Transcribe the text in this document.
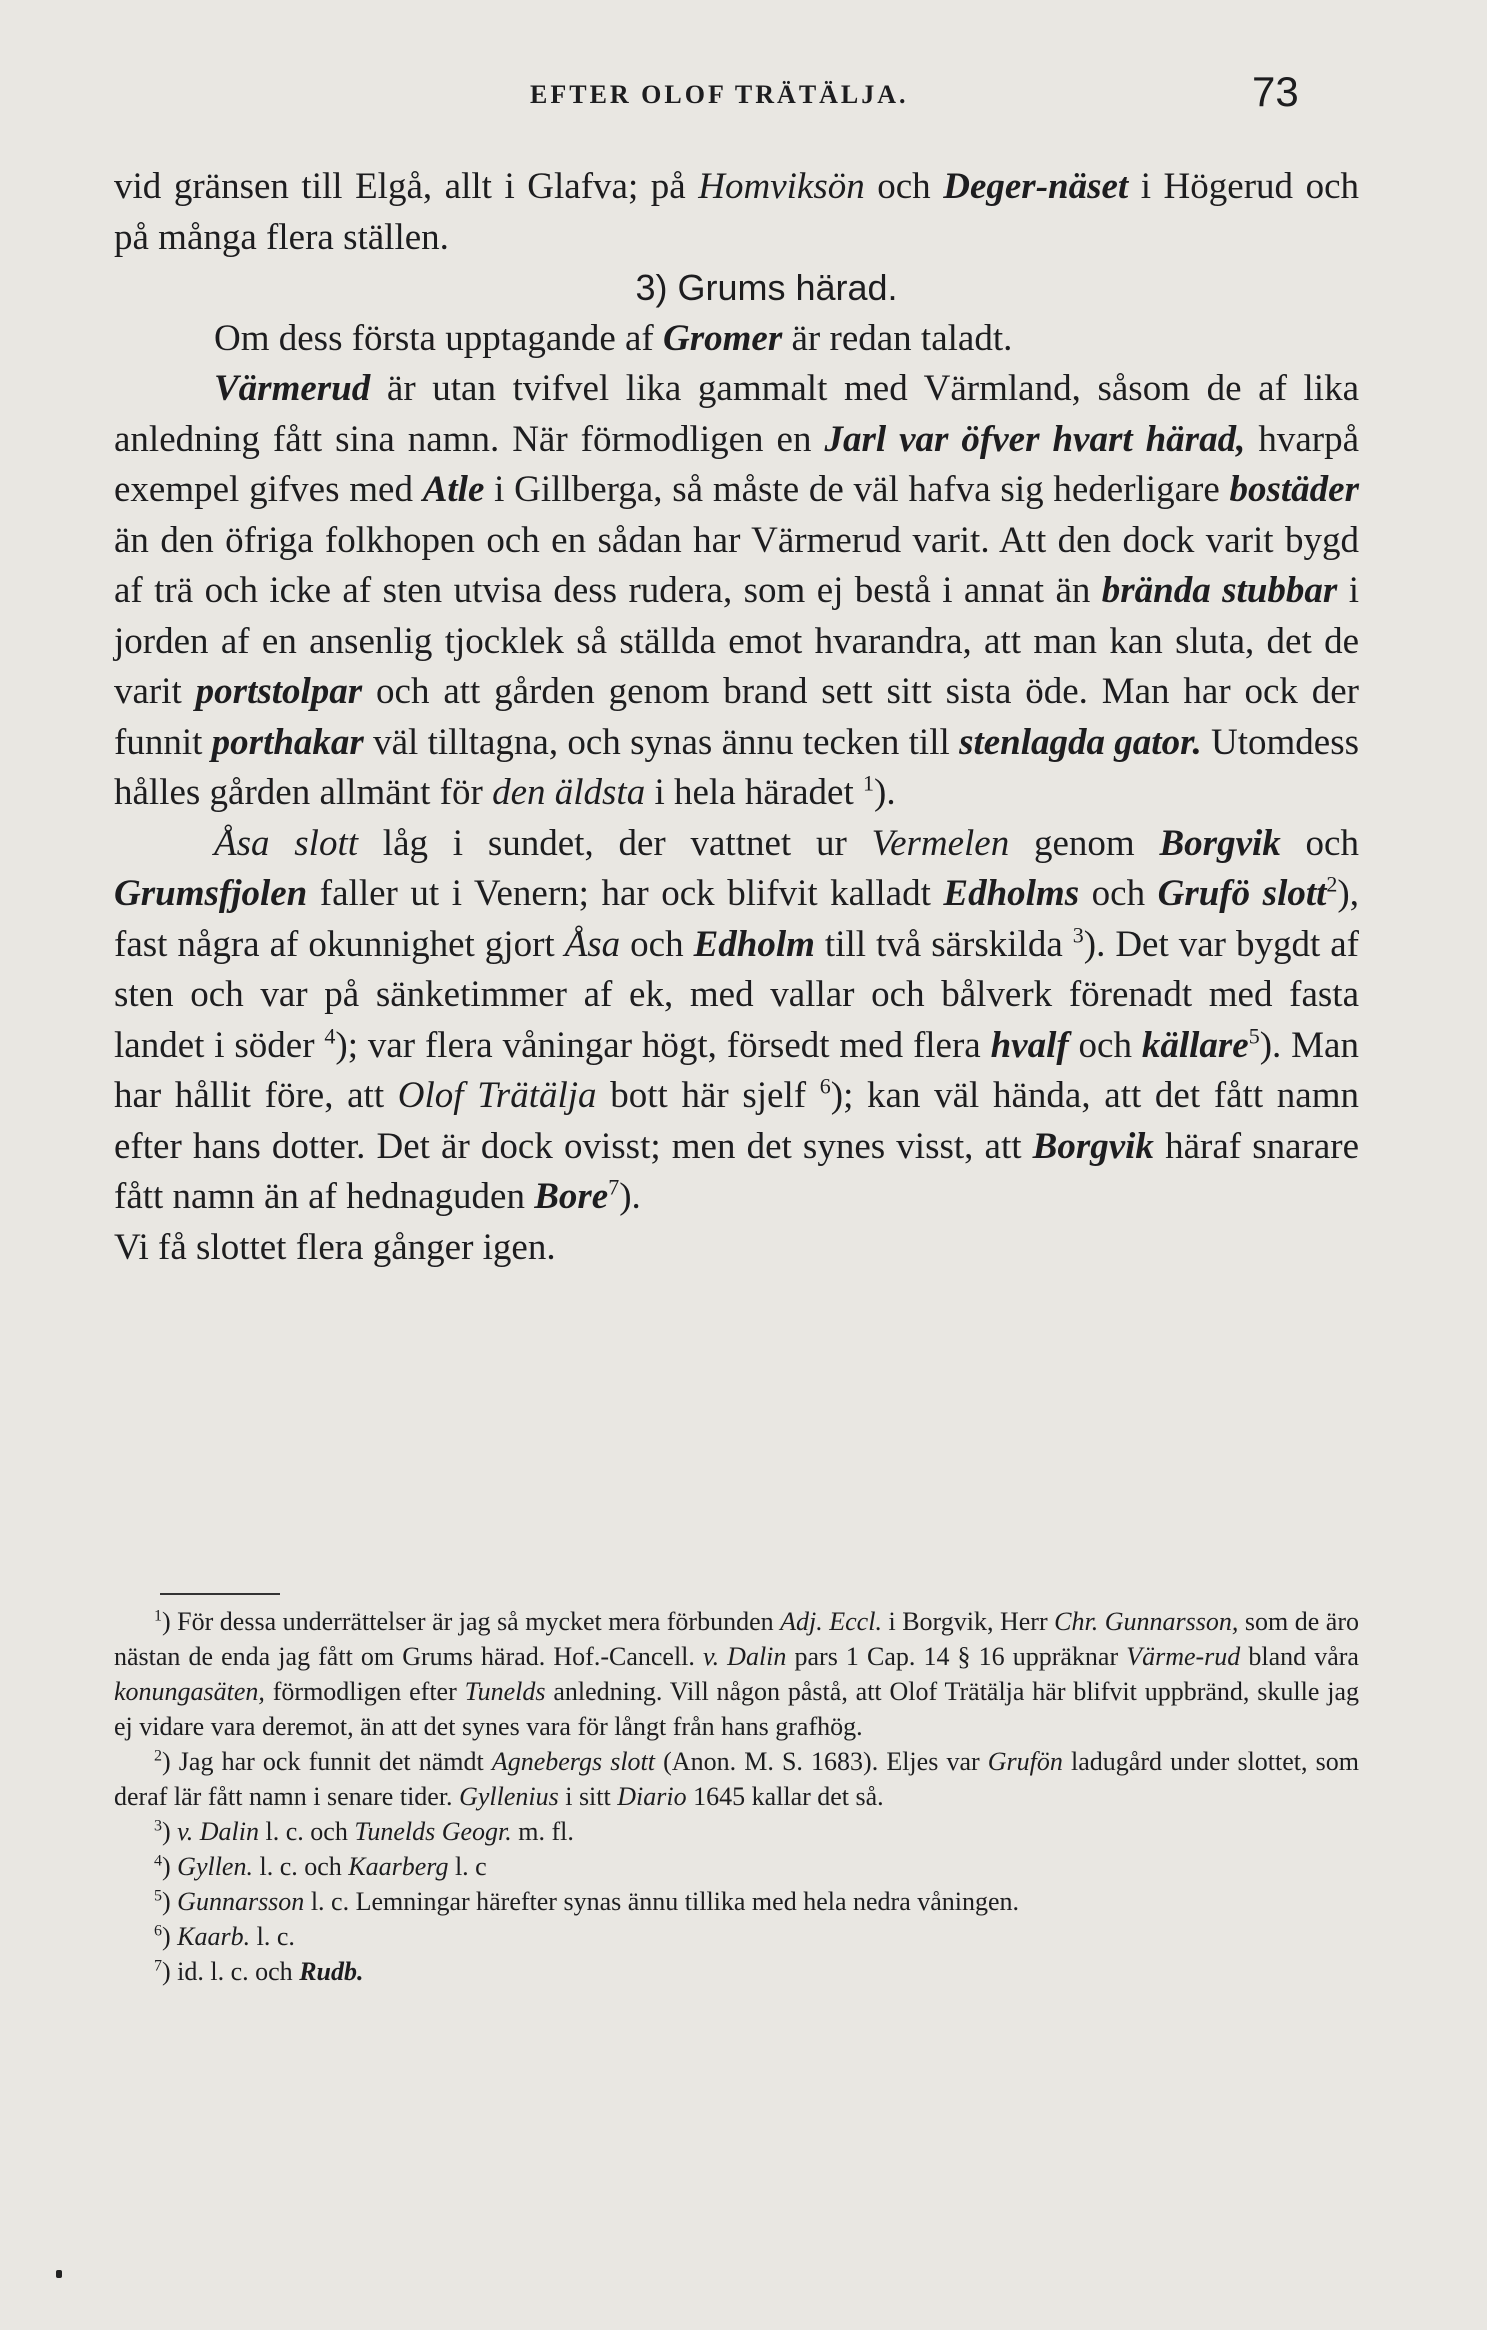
EFTER OLOF TRÄTÄLJA.	73

vid gränsen till Elgå, allt i Glafva; på Homviksön och Deger-näset i Högerud och på många flera ställen.

3) Grums härad.

Om dess första upptagande af Gromer är redan taladt.

Värmerud är utan tvifvel lika gammalt med Värmland, såsom de af lika anledning fått sina namn. När förmodligen en Jarl var öfver hvart härad, hvarpå exempel gifves med Atle i Gillberga, så måste de väl hafva sig hederligare bostäder än den öfriga folkhopen och en sådan har Värmerud varit. Att den dock varit bygd af trä och icke af sten utvisa dess rudera, som ej bestå i annat än brända stubbar i jorden af en ansenlig tjocklek så ställda emot hvarandra, att man kan sluta, det de varit portstolpar och att gården genom brand sett sitt sista öde. Man har ock der funnit porthakar väl tilltagna, och synas ännu tecken till stenlagda gator. Utomdess hålles gården allmänt för den äldsta i hela häradet $^1$).

Åsa slott låg i sundet, der vattnet ur Vermelen genom Borgvik och Grumsfjolen faller ut i Venern; har ock blifvit kalladt Edholms och Grufö slott$^2$), fast några af okunnighet gjort Åsa och Edholm till två särskilda $^3$). Det var bygdt af sten och var på sänketimmer af ek, med vallar och bålverk förenadt med fasta landet i söder $^4$); var flera våningar högt, försedt med flera hvalf och källare$^5$). Man har hållit före, att Olof Trätälja bott här sjelf $^6$); kan väl hända, att det fått namn efter hans dotter. Det är dock ovisst; men det synes visst, att Borgvik häraf snarare fått namn än af hednaguden Bore$^7$).

Vi få slottet flera gånger igen.

$^1$) För dessa underrättelser är jag så mycket mera förbunden Adj. Eccl. i Borgvik, Herr Chr. Gunnarsson, som de äro nästan de enda jag fått om Grums härad. Hof.-Cancell. v. Dalin pars 1 Cap. 14 § 16 uppräknar Värme-rud bland våra konungasäten, förmodligen efter Tunelds anledning. Vill någon påstå, att Olof Trätälja här blifvit uppbränd, skulle jag ej vidare vara deremot, än att det synes vara för långt från hans grafhög.

$^2$) Jag har ock funnit det nämdt Agnebergs slott (Anon. M. S. 1683). Eljes var Grufön ladugård under slottet, som deraf lär fått namn i senare tider. Gyllenius i sitt Diario 1645 kallar det så.

$^3$) v. Dalin l. c. och Tunelds Geogr. m. fl.

$^4$) Gyllen. l. c. och Kaarberg l. c

$^5$) Gunnarsson l. c. Lemningar härefter synas ännu tillika med hela nedra våningen.

$^6$) Kaarb. l. c.

$^7$) id. l. c. och Rudb.
